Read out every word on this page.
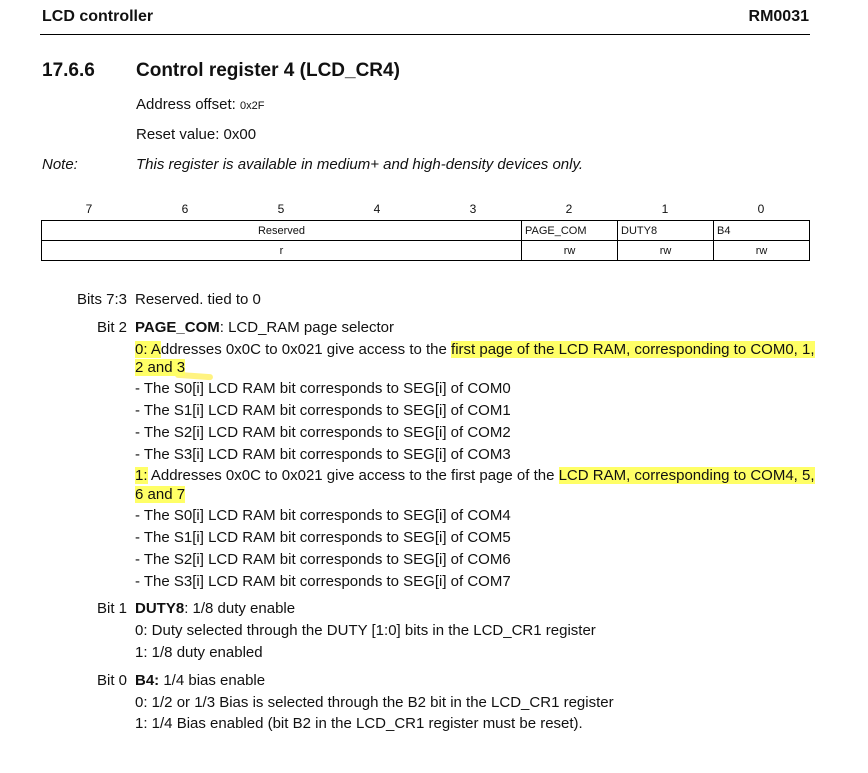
LCD controller	RM0031
17.6.6 Control register 4 (LCD_CR4)
Address offset: 0x2F
Reset value: 0x00
Note:	This register is available in medium+ and high-density devices only.
7	6	5	4	3	2	1	0
Reserved	PAGE_COM	DUTY8	B4
r	rw	rw	rw
Bits 7:3 Reserved. tied to 0
Bit 2 PAGE_COM: LCD_RAM page selector
0: Addresses 0x0C to 0x021 give access to the first page of the LCD RAM, corresponding to COM0, 1,
2 and 3
- The S0[i] LCD RAM bit corresponds to SEG[i] of COM0
- The S1[i] LCD RAM bit corresponds to SEG[i] of COM1
- The S2[i] LCD RAM bit corresponds to SEG[i] of COM2
- The S3[i] LCD RAM bit corresponds to SEG[i] of COM3
1: Addresses 0x0C to 0x021 give access to the first page of the LCD RAM, corresponding to COM4, 5,
6 and 7
- The S0[i] LCD RAM bit corresponds to SEG[i] of COM4
- The S1[i] LCD RAM bit corresponds to SEG[i] of COM5
- The S2[i] LCD RAM bit corresponds to SEG[i] of COM6
- The S3[i] LCD RAM bit corresponds to SEG[i] of COM7
Bit 1 DUTY8: 1/8 duty enable
0: Duty selected through the DUTY [1:0] bits in the LCD_CR1 register
1: 1/8 duty enabled
Bit 0 B4: 1/4 bias enable
0: 1/2 or 1/3 Bias is selected through the B2 bit in the LCD_CR1 register
1: 1/4 Bias enabled (bit B2 in the LCD_CR1 register must be reset).
